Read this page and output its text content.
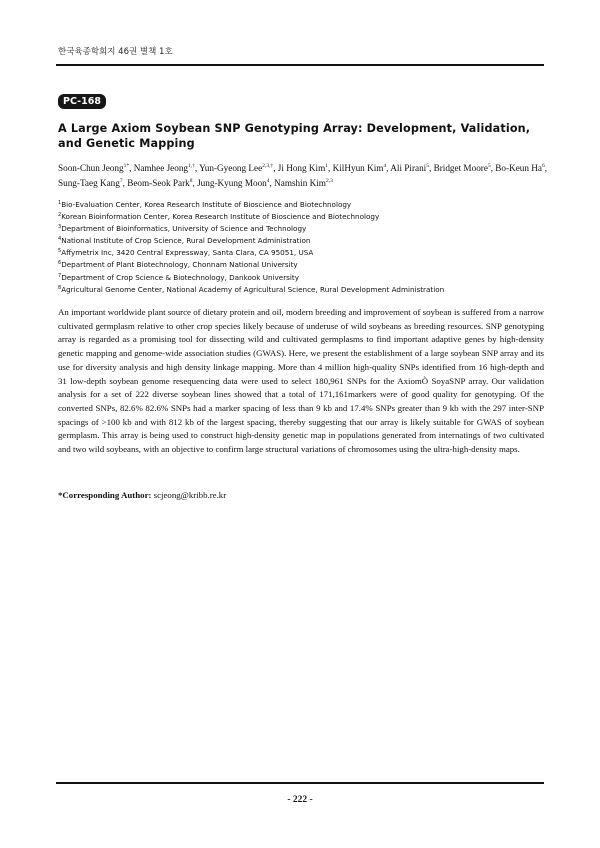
한국육종학회지 46권 별책 1호
PC-168
A Large Axiom Soybean SNP Genotyping Array: Development, Validation, and Genetic Mapping
Soon-Chun Jeong$^{1*}$, Namhee Jeong$^{1,\dagger}$, Yun-Gyeong Lee$^{2,3,\dagger}$, Ji Hong Kim$^1$, KilHyun Kim$^4$, Ali Pirani$^5$, Bridget Moore$^5$, Bo-Keun Ha$^6$, Sung-Taeg Kang$^7$, Beom-Seok Park$^8$, Jung-Kyung Moon$^4$, Namshin Kim$^{2,3}$
$^1$Bio-Evaluation Center, Korea Research Institute of Bioscience and Biotechnology
$^2$Korean Bioinformation Center, Korea Research Institute of Bioscience and Biotechnology
$^3$Department of Bioinformatics, University of Science and Technology
$^4$National Institute of Crop Science, Rural Development Administration
$^5$Affymetrix Inc, 3420 Central Expressway, Santa Clara, CA 95051, USA
$^6$Department of Plant Biotechnology, Chonnam National University
$^7$Department of Crop Science & Biotechnology, Dankook University
$^8$Agricultural Genome Center, National Academy of Agricultural Science, Rural Development Administration
An important worldwide plant source of dietary protein and oil, modern breeding and improvement of soybean is suffered from a narrow cultivated germplasm relative to other crop species likely because of underuse of wild soybeans as breeding resources. SNP genotyping array is regarded as a promising tool for dissecting wild and cultivated germplasms to find important adaptive genes by high-density genetic mapping and genome-wide association studies (GWAS). Here, we present the establishment of a large soybean SNP array and its use for diversity analysis and high density linkage mapping. More than 4 million high-quality SNPs identified from 16 high-depth and 31 low-depth soybean genome resequencing data were used to select 180,961 SNPs for the AxiomÒ SoyaSNP array. Our validation analysis for a set of 222 diverse soybean lines showed that a total of 171,161markers were of good quality for genotyping. Of the converted SNPs, 82.6% 82.6% SNPs had a marker spacing of less than 9 kb and 17.4% SNPs greater than 9 kb with the 297 inter-SNP spacings of >100 kb and with 812 kb of the largest spacing, thereby suggesting that our array is likely suitable for GWAS of soybean germplasm. This array is being used to construct high-density genetic map in populations generated from internatings of two cultivated and two wild soybeans, with an objective to confirm large structural variations of chromosomes using the ultra-high-density maps.
*Corresponding Author: scjeong@kribb.re.kr
- 222 -
